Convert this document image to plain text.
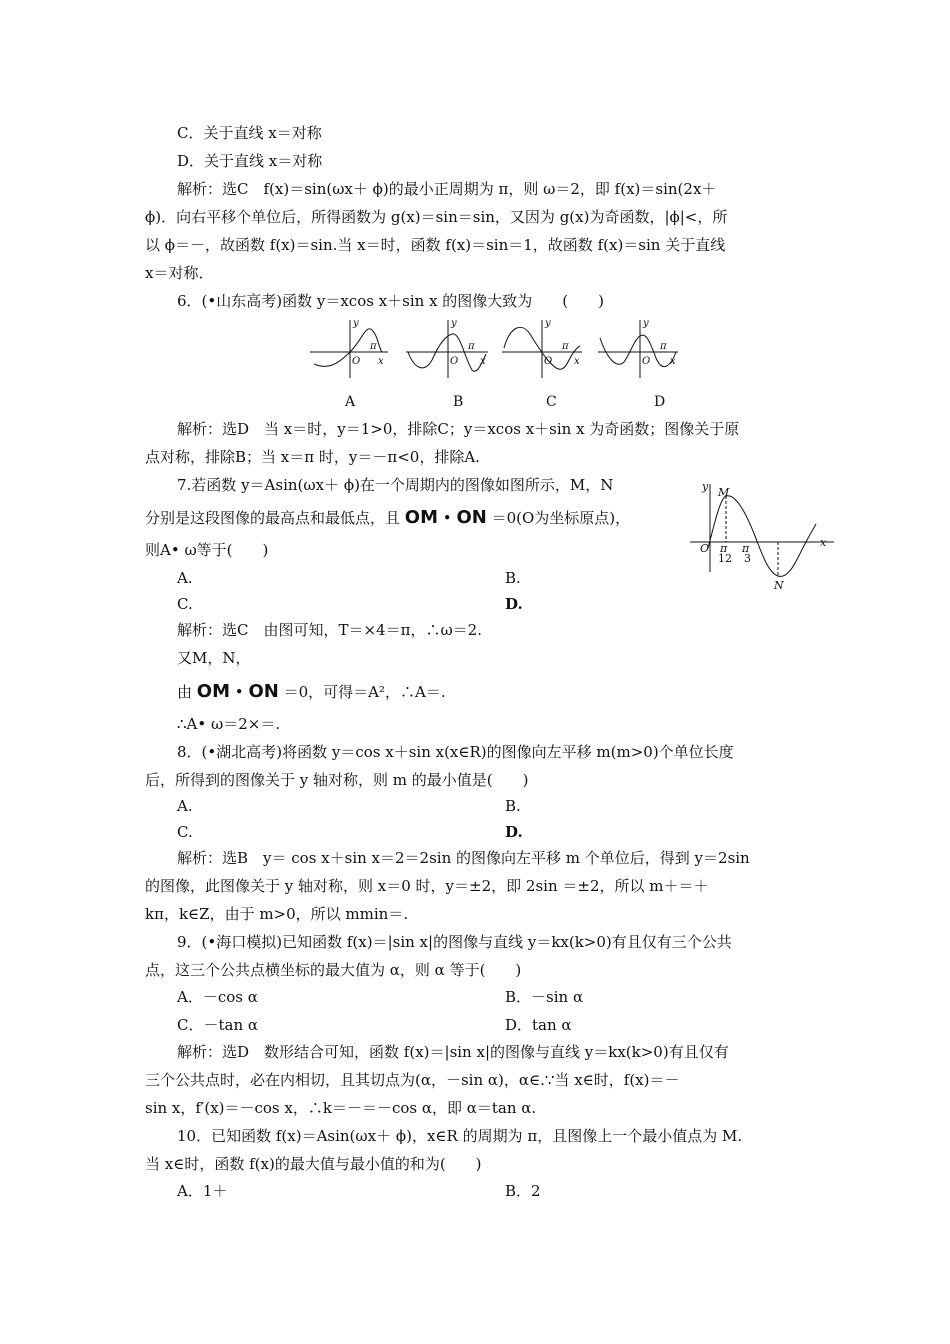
C．关于直线 x＝对称
D．关于直线 x＝对称
解析：选C　f(x)＝sin(ωx＋ ϕ)的最小正周期为 π，则 ω＝2，即 f(x)＝sin(2x＋
ϕ)．向右平移个单位后，所得函数为 g(x)＝sin＝sin，又因为 g(x)为奇函数，|ϕ|<，所
以 ϕ＝－，故函数 f(x)＝sin.当 x＝时，函数 f(x)＝sin＝1，故函数 f(x)＝sin 关于直线
x＝对称．
6．(•山东高考)函数 y＝xcos x＋sin x 的图像大致为　　(　　)
y
O
π
x
y
O
π
x
y
O
π
x
y
O
π
x
A	B	C	D
解析：选D　当 x＝时，y＝1>0，排除C；y＝xcos x＋sin x 为奇函数；图像关于原
点对称，排除B；当 x＝π 时，y＝－π<0，排除A.
7.若函数 y＝Asin(ωx＋ ϕ)在一个周期内的图像如图所示，M，N
分别是这段图像的最高点和最低点，且 OM • ON ＝0(O为坐标原点)，
则A• ω等于(　　)
y M
O π
12
π
3
x
N
A.	B.
C.	D.
解析：选C　由图可知，T＝×4＝π，∴ω＝2.
又M，N，
由 OM • ON ＝0，可得＝A²，∴A＝.
∴A• ω＝2×＝.
8．(•湖北高考)将函数 y＝cos x＋sin x(x∈R)的图像向左平移 m(m>0)个单位长度
后，所得到的图像关于 y 轴对称，则 m 的最小值是(　　)
A.	B.
C.	D.
解析：选B　y＝ cos x＋sin x＝2＝2sin 的图像向左平移 m 个单位后，得到 y＝2sin
的图像，此图像关于 y 轴对称，则 x＝0 时，y＝±2，即 2sin ＝±2，所以 m＋＝＋
kπ，k∈Z，由于 m>0，所以 mmin＝.
9．(•海口模拟)已知函数 f(x)＝|sin x|的图像与直线 y＝kx(k>0)有且仅有三个公共
点，这三个公共点横坐标的最大值为 α，则 α 等于(　　)
A．－cos α	B．－sin α
C．－tan α	D．tan α
解析：选D　数形结合可知，函数 f(x)＝|sin x|的图像与直线 y＝kx(k>0)有且仅有
三个公共点时，必在内相切，且其切点为(α，－sin α)，α∈.∵当 x∈时，f(x)＝－
sin x，f′(x)＝－cos x，∴k＝－＝－cos α，即 α＝tan α.
10．已知函数 f(x)＝Asin(ωx＋ ϕ)，x∈R 的周期为 π，且图像上一个最小值点为 M.
当 x∈时，函数 f(x)的最大值与最小值的和为(　　)
A．1＋	B．2
